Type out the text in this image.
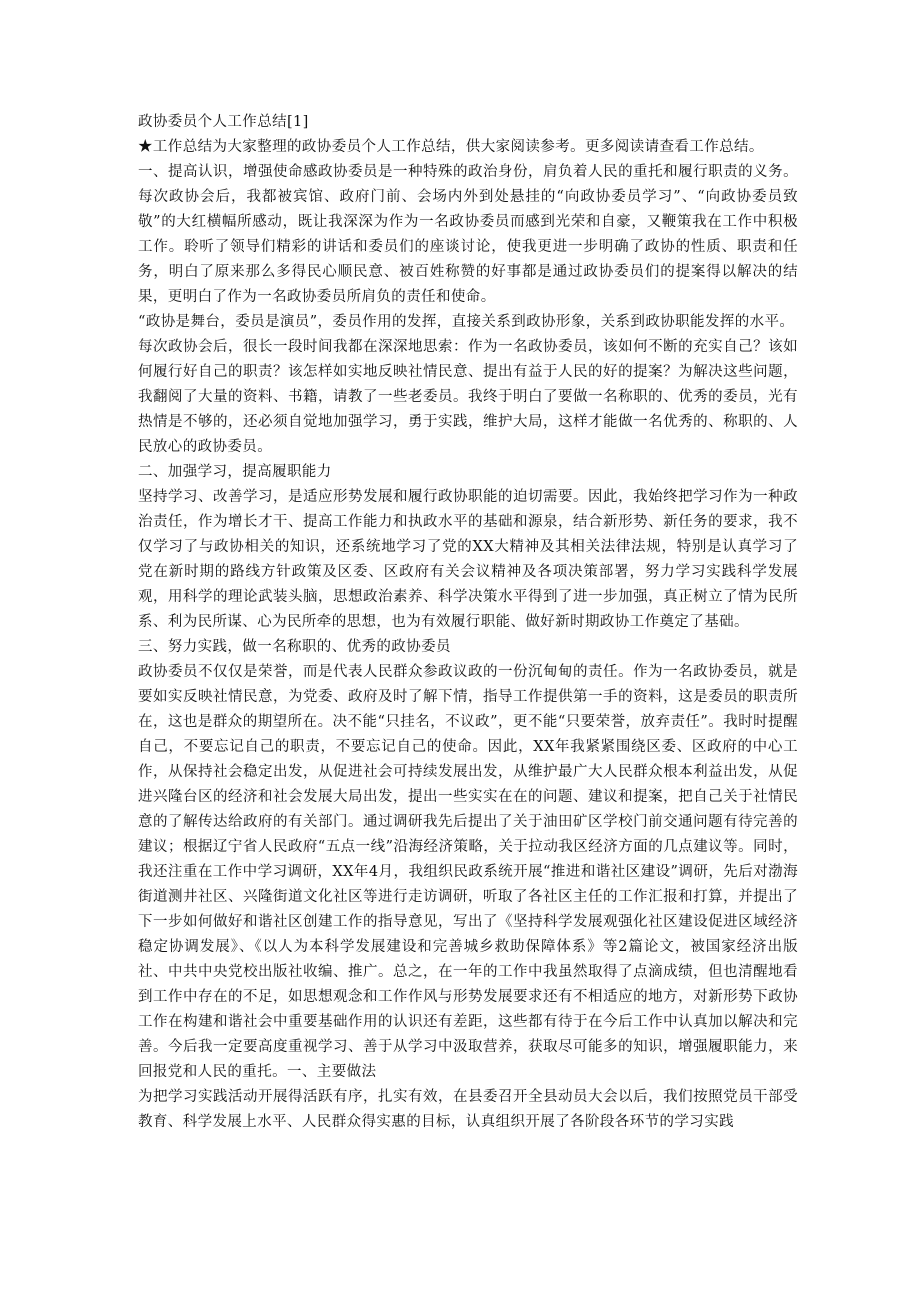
政协委员个人工作总结[1]

★工作总结为大家整理的政协委员个人工作总结，供大家阅读参考。更多阅读请查看工作总结。

一、提高认识，增强使命感政协委员是一种特殊的政治身份，肩负着人民的重托和履行职责的义务。每次政协会后，我都被宾馆、政府门前、会场内外到处悬挂的“向政协委员学习”、“向政协委员致敬”的大红横幅所感动，既让我深深为作为一名政协委员而感到光荣和自豪，又鞭策我在工作中积极工作。聆听了领导们精彩的讲话和委员们的座谈讨论，使我更进一步明确了政协的性质、职责和任务，明白了原来那么多得民心顺民意、被百姓称赞的好事都是通过政协委员们的提案得以解决的结果，更明白了作为一名政协委员所肩负的责任和使命。

“政协是舞台，委员是演员”，委员作用的发挥，直接关系到政协形象，关系到政协职能发挥的水平。

每次政协会后，很长一段时间我都在深深地思索：作为一名政协委员，该如何不断的充实自己？该如何履行好自己的职责？该怎样如实地反映社情民意、提出有益于人民的好的提案？为解决这些问题，我翻阅了大量的资料、书籍，请教了一些老委员。我终于明白了要做一名称职的、优秀的委员，光有热情是不够的，还必须自觉地加强学习，勇于实践，维护大局，这样才能做一名优秀的、称职的、人民放心的政协委员。

二、加强学习，提高履职能力

坚持学习、改善学习，是适应形势发展和履行政协职能的迫切需要。因此，我始终把学习作为一种政治责任，作为增长才干、提高工作能力和执政水平的基础和源泉，结合新形势、新任务的要求，我不仅学习了与政协相关的知识，还系统地学习了党的XX大精神及其相关法律法规，特别是认真学习了党在新时期的路线方针政策及区委、区政府有关会议精神及各项决策部署，努力学习实践科学发展观，用科学的理论武装头脑，思想政治素养、科学决策水平得到了进一步加强，真正树立了情为民所系、利为民所谋、心为民所牵的思想，也为有效履行职能、做好新时期政协工作奠定了基础。

三、努力实践，做一名称职的、优秀的政协委员

政协委员不仅仅是荣誉，而是代表人民群众参政议政的一份沉甸甸的责任。作为一名政协委员，就是要如实反映社情民意，为党委、政府及时了解下情，指导工作提供第一手的资料，这是委员的职责所在，这也是群众的期望所在。决不能“只挂名，不议政”，更不能“只要荣誉，放弃责任”。我时时提醒自己，不要忘记自己的职责，不要忘记自己的使命。因此，XX年我紧紧围绕区委、区政府的中心工作，从保持社会稳定出发，从促进社会可持续发展出发，从维护最广大人民群众根本利益出发，从促进兴隆台区的经济和社会发展大局出发，提出一些实实在在的问题、建议和提案，把自己关于社情民意的了解传达给政府的有关部门。通过调研我先后提出了关于油田矿区学校门前交通问题有待完善的建议；根据辽宁省人民政府“五点一线”沿海经济策略，关于拉动我区经济方面的几点建议等。同时，我还注重在工作中学习调研，XX年4月，我组织民政系统开展“推进和谐社区建设”调研，先后对渤海街道测井社区、兴隆街道文化社区等进行走访调研，听取了各社区主任的工作汇报和打算，并提出了下一步如何做好和谐社区创建工作的指导意见，写出了《坚持科学发展观强化社区建设促进区域经济稳定协调发展》、《以人为本科学发展建设和完善城乡救助保障体系》等2篇论文，被国家经济出版社、中共中央党校出版社收编、推广。总之，在一年的工作中我虽然取得了点滴成绩，但也清醒地看到工作中存在的不足，如思想观念和工作作风与形势发展要求还有不相适应的地方，对新形势下政协工作在构建和谐社会中重要基础作用的认识还有差距，这些都有待于在今后工作中认真加以解决和完善。今后我一定要高度重视学习、善于从学习中汲取营养，获取尽可能多的知识，增强履职能力，来回报党和人民的重托。一、主要做法

为把学习实践活动开展得活跃有序，扎实有效，在县委召开全县动员大会以后，我们按照党员干部受教育、科学发展上水平、人民群众得实惠的目标，认真组织开展了各阶段各环节的学习实践
